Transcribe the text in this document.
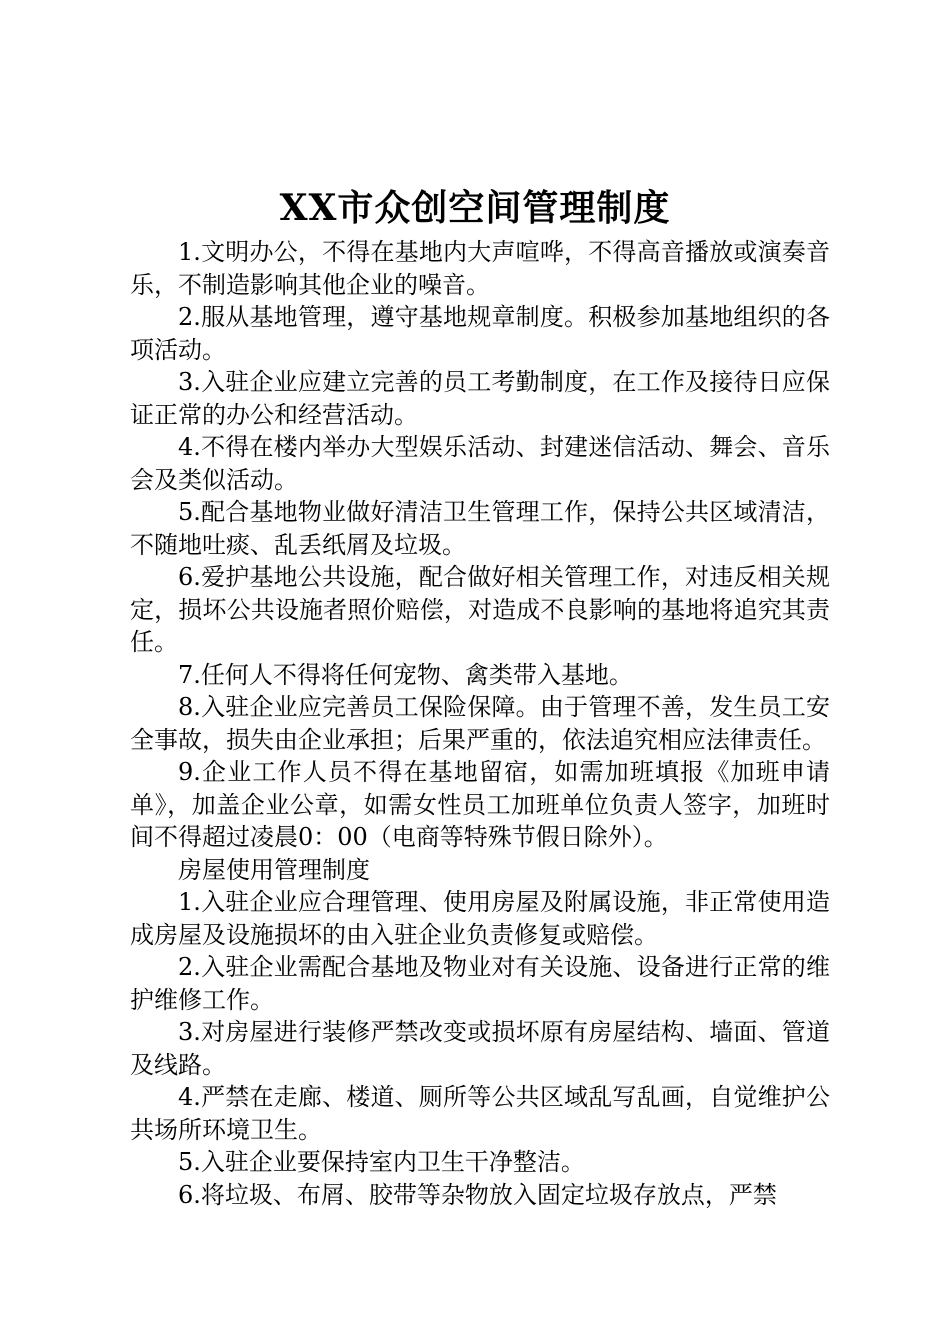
XX市众创空间管理制度

1.文明办公，不得在基地内大声喧哗，不得高音播放或演奏音乐，不制造影响其他企业的噪音。

2.服从基地管理，遵守基地规章制度。积极参加基地组织的各项活动。

3.入驻企业应建立完善的员工考勤制度，在工作及接待日应保证正常的办公和经营活动。

4.不得在楼内举办大型娱乐活动、封建迷信活动、舞会、音乐会及类似活动。

5.配合基地物业做好清洁卫生管理工作，保持公共区域清洁，不随地吐痰、乱丢纸屑及垃圾。

6.爱护基地公共设施，配合做好相关管理工作，对违反相关规定，损坏公共设施者照价赔偿，对造成不良影响的基地将追究其责任。

7.任何人不得将任何宠物、禽类带入基地。

8.入驻企业应完善员工保险保障。由于管理不善，发生员工安全事故，损失由企业承担；后果严重的，依法追究相应法律责任。

9.企业工作人员不得在基地留宿，如需加班填报《加班申请单》，加盖企业公章，如需女性员工加班单位负责人签字，加班时间不得超过凌晨0：00（电商等特殊节假日除外）。

房屋使用管理制度

1.入驻企业应合理管理、使用房屋及附属设施，非正常使用造成房屋及设施损坏的由入驻企业负责修复或赔偿。

2.入驻企业需配合基地及物业对有关设施、设备进行正常的维护维修工作。

3.对房屋进行装修严禁改变或损坏原有房屋结构、墙面、管道及线路。

4.严禁在走廊、楼道、厕所等公共区域乱写乱画，自觉维护公共场所环境卫生。

5.入驻企业要保持室内卫生干净整洁。

6.将垃圾、布屑、胶带等杂物放入固定垃圾存放点，严禁
